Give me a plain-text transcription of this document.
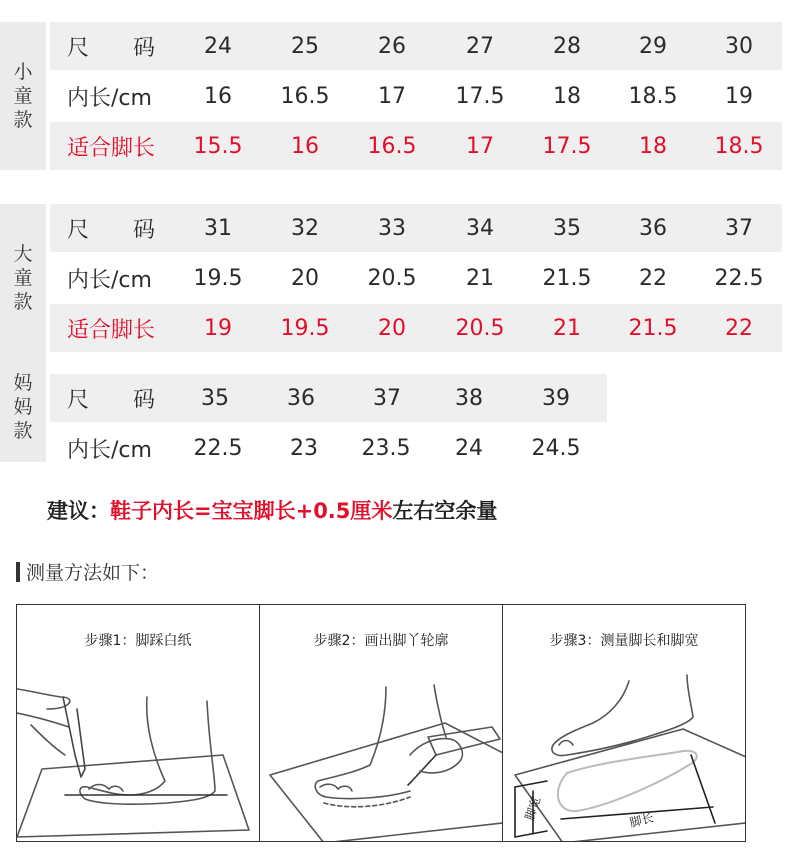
小
童
款
尺 码 24	25	26	27	28	29	30
内长/cm 16 16.5 17 17.5 18 18.5 19
适合脚长 15.5 16 16.5 17 17.5 18 18.5
大
童
款
尺 码 31	32	33	34	35	36	37
内长/cm 19.5 20 20.5 21 21.5 22 22.5
适合脚长 19 19.5 20 20.5 21 21.5 22
妈
妈
款
尺 码 35	36	37 38	39
内长/cm 22.5 23 23.5 24 24.5
建议：鞋子内长=宝宝脚长+0.5厘米左右空余量
测量方法如下：
步骤1：脚踩白纸	步骤2：画出脚丫轮廓	步骤3：测量脚长和脚宽
脚宽	脚长
